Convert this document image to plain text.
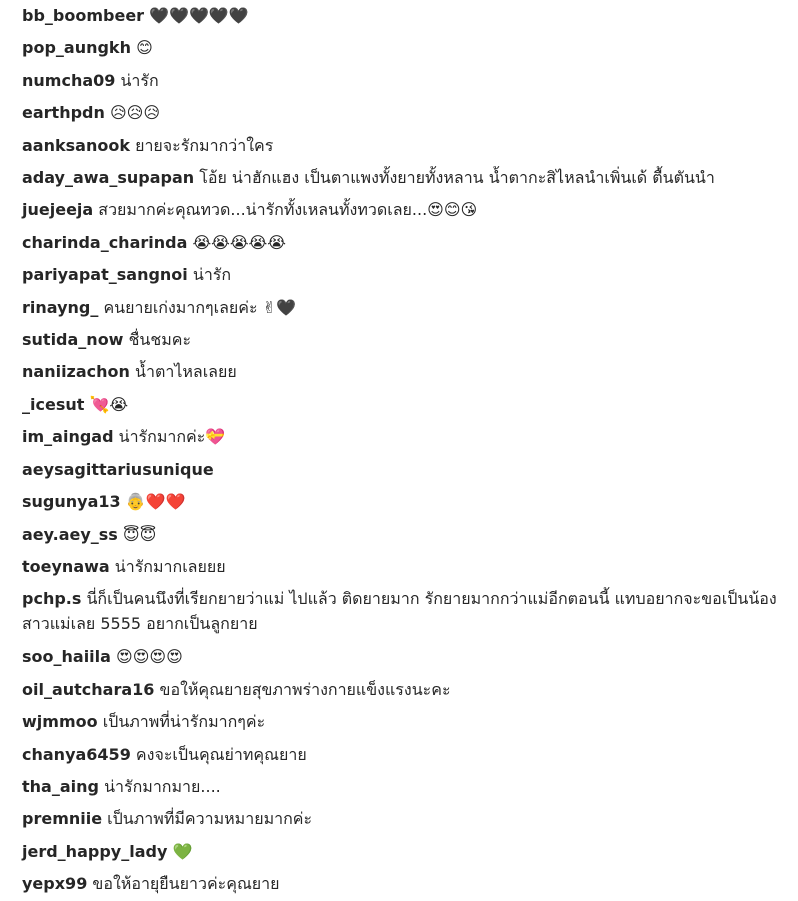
bb_boombeer 🖤🖤🖤🖤🖤
pop_aungkh 😊
numcha09 น่ารัก
earthpdn 😥😥😥
aanksanook ยายจะรักมากว่าใคร
aday_awa_supapan โอ้ย น่าฮักแฮง เป็นตาแพงทั้งยายทั้งหลาน น้ำตากะสิไหลนำเพิ่นเด้ ตื้นตันนำ
juejeeja สวยมากค่ะคุณทวด...น่ารักทั้งเหลนทั้งทวดเลย...😍😊😘
charinda_charinda 😭😭😭😭😭
pariyapat_sangnoi น่ารัก
rinayng_ คนยายเก่งมากๆเลยค่ะ ✌🖤
sutida_now ชื่นชมคะ
naniizachon น้ำตาไหลเลยย
_icesut 💘😭
im_aingad น่ารักมากค่ะ💝
aeysagittariusunique
sugunya13 👵❤️❤️
aey.aey_ss 😇😇
toeynawa น่ารักมากเลยยย
pchp.s นี่ก็เป็นคนนึงที่เรียกยายว่าแม่ ไปแล้ว ติดยายมาก รักยายมากกว่าแม่อีกตอนนี้ แทบอยากจะขอเป็นน้องสาวแม่เลย 5555 อยากเป็นลูกยาย
soo_haiila 😍😍😍😍
oil_autchara16 ขอให้คุณยายสุขภาพร่างกายแข็งแรงนะคะ
wjmmoo เป็นภาพที่น่ารักมากๆค่ะ
chanya6459 คงจะเป็นคุณย่าทคุณยาย
tha_aing น่ารักมากมาย....
premniie เป็นภาพที่มีความหมายมากค่ะ
jerd_happy_lady 💚
yepx99 ขอให้อายุยืนยาวค่ะคุณยาย
